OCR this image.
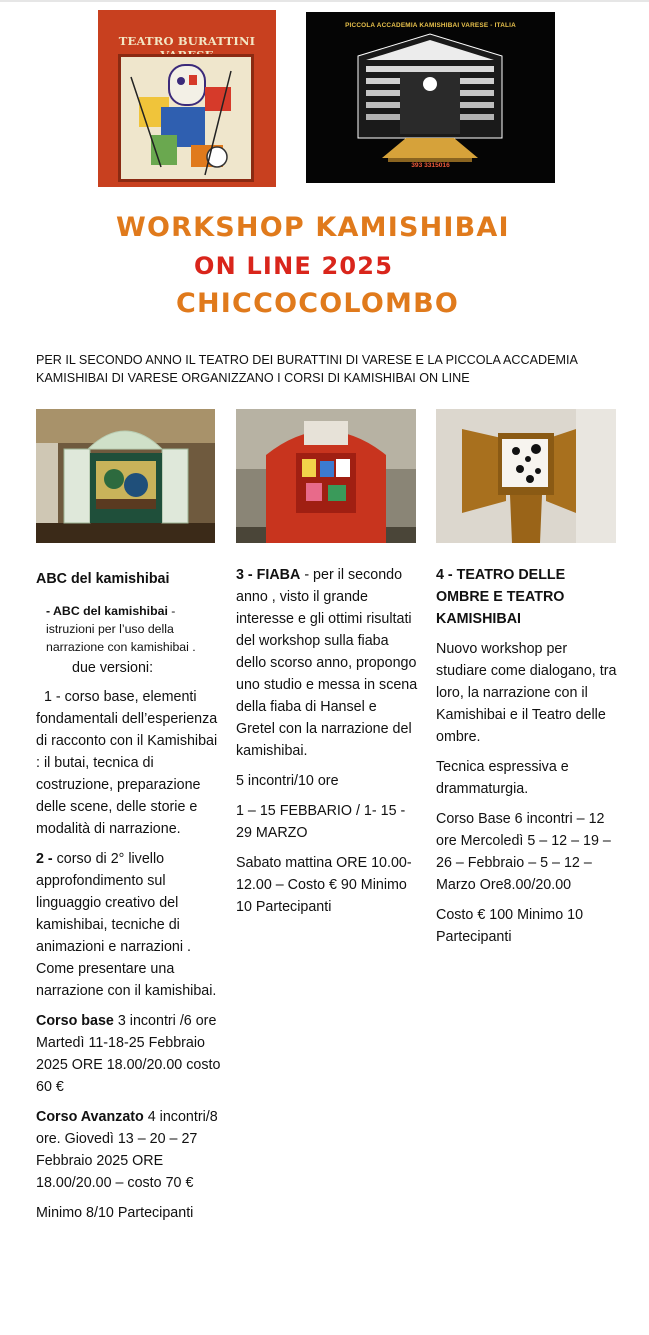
TEATRO BURATTINI
PICCOLA ACCADEMIA KAMISHIBAI VARESE - ITALIA
393 3315016
WORKSHOP KAMISHIBAI
ON LINE 2025
CHICCOCOLOMBO
PER IL SECONDO ANNO IL TEATRO DEI BURATTINI DI VARESE E LA PICCOLA ACCADEMIA KAMISHIBAI DI VARESE ORGANIZZANO I CORSI DI KAMISHIBAI ON LINE

ABC del kamishibai

- ABC del kamishibai - istruzioni per l’uso della narrazione con kamishibai .

due versioni:

1 - corso base, elementi fondamentali dell’esperienza di racconto con il Kamishibai : il butai, tecnica di costruzione, preparazione delle scene, delle storie e modalità di narrazione.

2 - corso di 2° livello approfondimento sul linguaggio creativo del kamishibai, tecniche di animazioni e narrazioni . Come presentare una narrazione con il kamishibai.

Corso base 3 incontri /6 ore Martedì 11-18-25 Febbraio 2025 ORE 18.00/20.00 costo 60 €

Corso Avanzato 4 incontri/8 ore. Giovedì 13 – 20 – 27 Febbraio 2025 ORE 18.00/20.00 – costo 70 €

Minimo 8/10 Partecipanti

3 - FIABA - per il secondo anno , visto il grande interesse e gli ottimi risultati del workshop sulla fiaba dello scorso anno, propongo uno studio e messa in scena della fiaba di Hansel e Gretel con la narrazione del kamishibai.

5 incontri/10 ore

1 – 15 FEBBARIO / 1- 15 - 29 MARZO

Sabato mattina ORE 10.00- 12.00 – Costo € 90 Minimo 10 Partecipanti

4 - TEATRO DELLE OMBRE E TEATRO KAMISHIBAI

Nuovo workshop per studiare come dialogano, tra loro, la narrazione con il Kamishibai e il Teatro delle ombre.

Tecnica espressiva e drammaturgia.

Corso Base 6 incontri – 12 ore Mercoledì 5 – 12 – 19 – 26 – Febbraio – 5 – 12 – Marzo Ore8.00/20.00

Costo € 100 Minimo 10 Partecipanti
